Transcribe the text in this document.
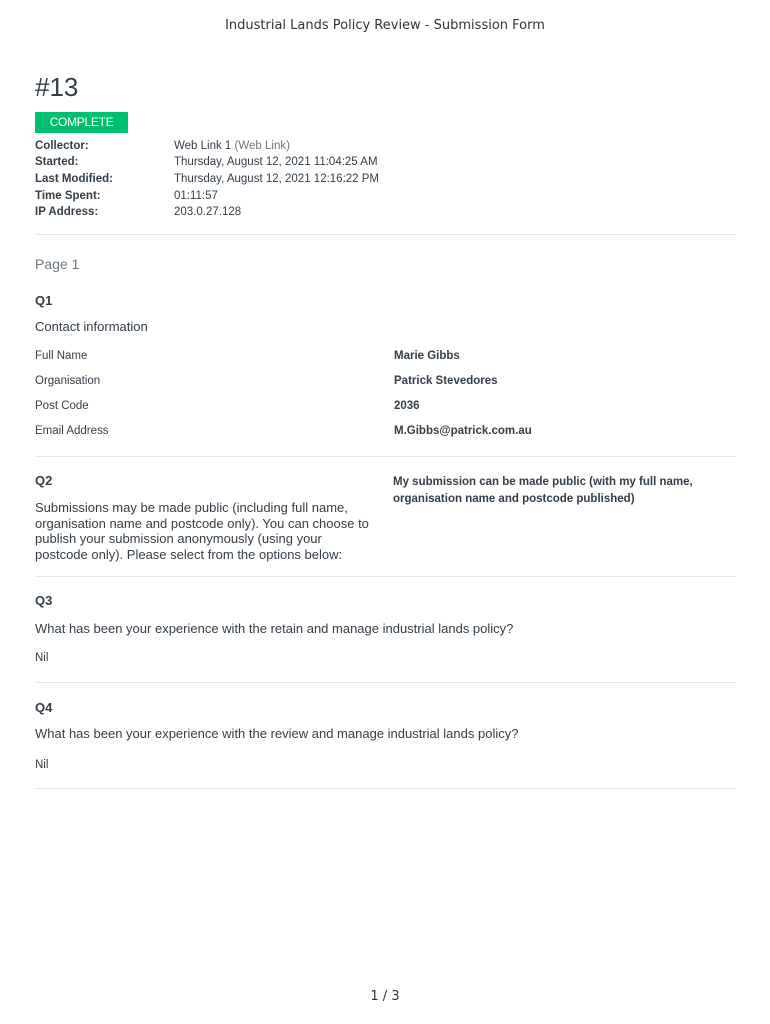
Industrial Lands Policy Review - Submission Form
#13
COMPLETE
Collector:	Web Link 1 (Web Link)
Started:	Thursday, August 12, 2021 11:04:25 AM
Last Modified:	Thursday, August 12, 2021 12:16:22 PM
Time Spent:	01:11:57
IP Address:	203.0.27.128
Page 1
Q1
Contact information
Full Name	Marie Gibbs
Organisation	Patrick Stevedores
Post Code	2036
Email Address	M.Gibbs@patrick.com.au
Q2
Submissions may be made public (including full name,
organisation name and postcode only). You can choose to
publish your submission anonymously (using your
postcode only). Please select from the options below:
My submission can be made public (with my full name,
organisation name and postcode published)
Q3
What has been your experience with the retain and manage industrial lands policy?
Nil
Q4
What has been your experience with the review and manage industrial lands policy?
Nil
1 / 3
